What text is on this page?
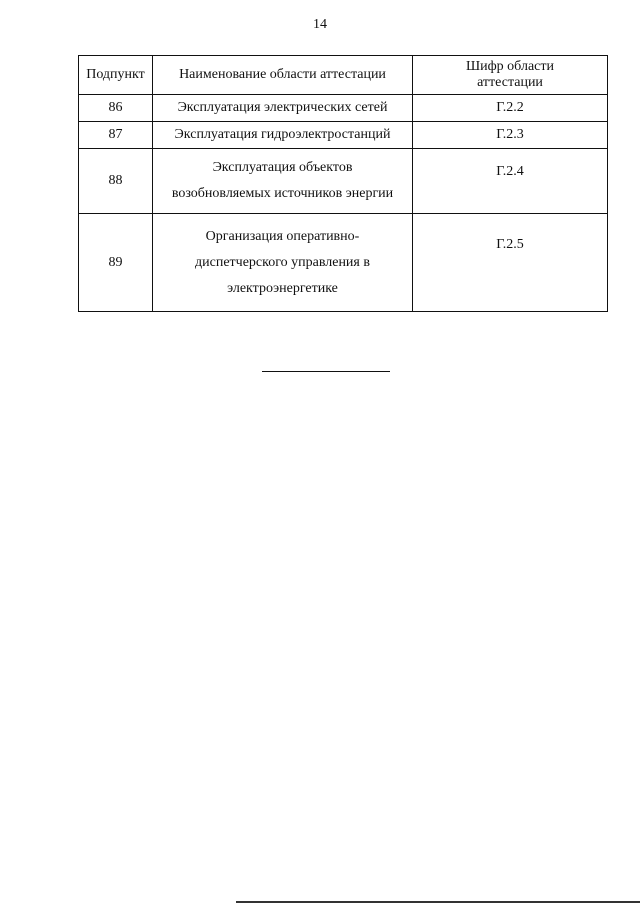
14
Подпункт	Наименование области аттестации	Шифр области
аттестации

86	Эксплуатация электрических сетей	Г.2.2
87	Эксплуатация гидроэлектростанций	Г.2.3
88	Эксплуатация объектов
возобновляемых источников энергии	Г.2.4
89	Организация оперативно-
диспетчерского управления в
электроэнергетике	Г.2.5
